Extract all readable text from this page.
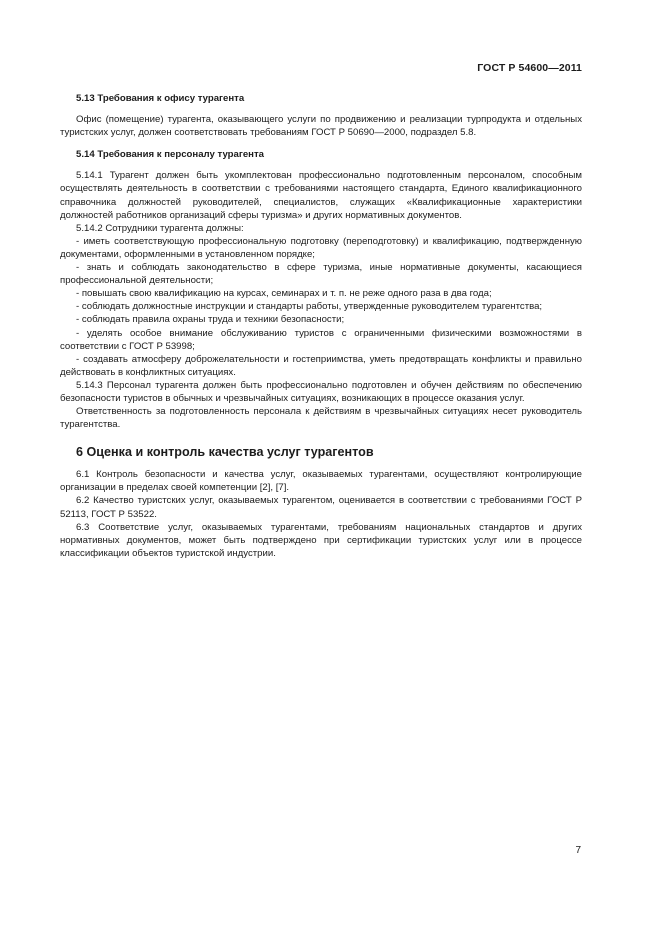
ГОСТ Р 54600—2011
5.13 Требования к офису турагента

Офис (помещение) турагента, оказывающего услуги по продвижению и реализации турпродукта и отдельных туристских услуг, должен соответствовать требованиям ГОСТ Р 50690—2000, подраздел 5.8.

5.14 Требования к персоналу турагента

5.14.1 Турагент должен быть укомплектован профессионально подготовленным персоналом, способным осуществлять деятельность в соответствии с требованиями настоящего стандарта, Единого квалификационного справочника должностей руководителей, специалистов, служащих «Квалификационные характеристики должностей работников организаций сферы туризма» и других нормативных документов.

5.14.2 Сотрудники турагента должны:

- иметь соответствующую профессиональную подготовку (переподготовку) и квалификацию, подтвержденную документами, оформленными в установленном порядке;

- знать и соблюдать законодательство в сфере туризма, иные нормативные документы, касающиеся профессиональной деятельности;

- повышать свою квалификацию на курсах, семинарах и т. п. не реже одного раза в два года;

- соблюдать должностные инструкции и стандарты работы, утвержденные руководителем турагентства;

- соблюдать правила охраны труда и техники безопасности;

- уделять особое внимание обслуживанию туристов с ограниченными физическими возможностями в соответствии с ГОСТ Р 53998;

- создавать атмосферу доброжелательности и гостеприимства, уметь предотвращать конфликты и правильно действовать в конфликтных ситуациях.

5.14.3 Персонал турагента должен быть профессионально подготовлен и обучен действиям по обеспечению безопасности туристов в обычных и чрезвычайных ситуациях, возникающих в процессе оказания услуг.

Ответственность за подготовленность персонала к действиям в чрезвычайных ситуациях несет руководитель турагентства.

6 Оценка и контроль качества услуг турагентов

6.1 Контроль безопасности и качества услуг, оказываемых турагентами, осуществляют контролирующие организации в пределах своей компетенции [2], [7].

6.2 Качество туристских услуг, оказываемых турагентом, оценивается в соответствии с требованиями ГОСТ Р 52113, ГОСТ Р 53522.

6.3 Соответствие услуг, оказываемых турагентами, требованиям национальных стандартов и других нормативных документов, может быть подтверждено при сертификации туристских услуг или в процессе классификации объектов туристской индустрии.

7
